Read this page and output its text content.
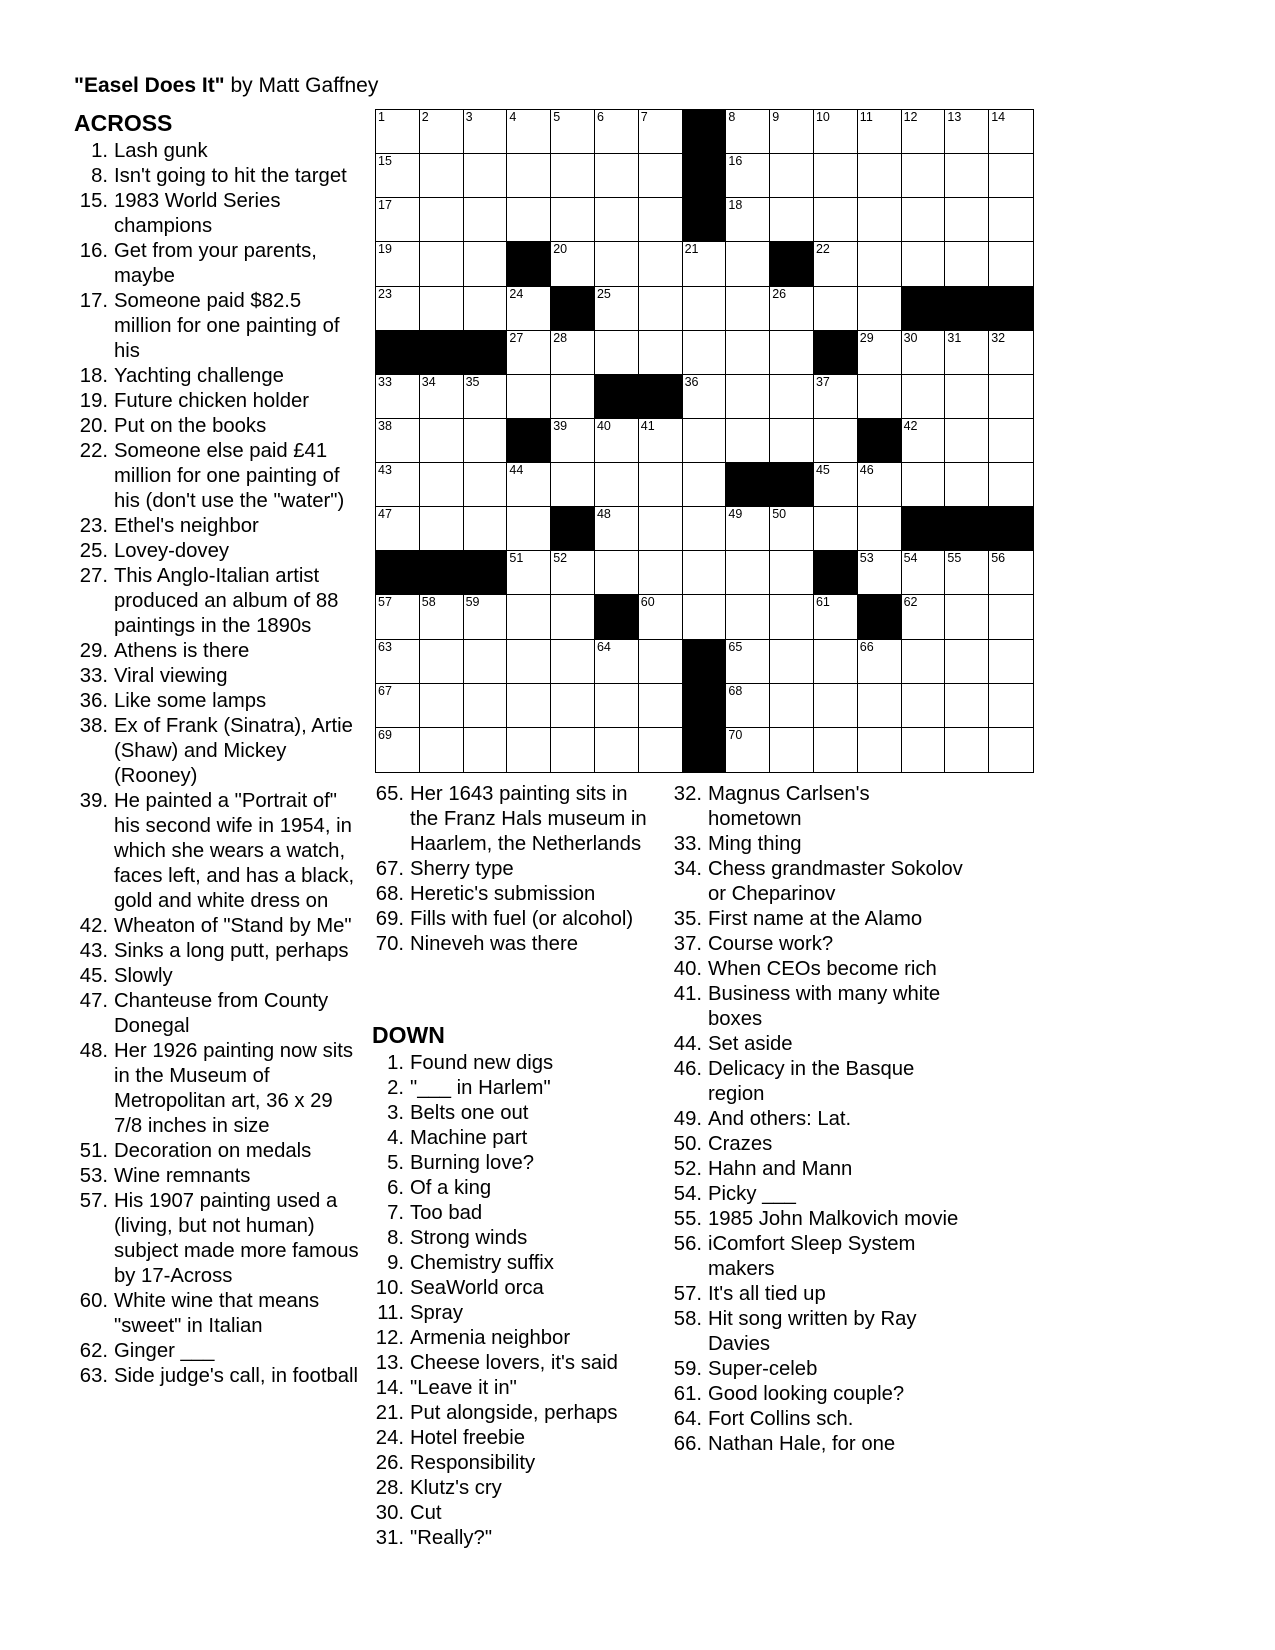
"Easel Does It" by Matt Gaffney
ACROSS
1. Lash gunk
8. Isn't going to hit the target
15. 1983 World Series champions
16. Get from your parents, maybe
17. Someone paid $82.5 million for one painting of his
18. Yachting challenge
19. Future chicken holder
20. Put on the books
22. Someone else paid £41 million for one painting of his (don't use the "water")
23. Ethel's neighbor
25. Lovey-dovey
27. This Anglo-Italian artist produced an album of 88 paintings in the 1890s
29. Athens is there
33. Viral viewing
36. Like some lamps
38. Ex of Frank (Sinatra), Artie (Shaw) and Mickey (Rooney)
39. He painted a "Portrait of" his second wife in 1954, in which she wears a watch, faces left, and has a black, gold and white dress on
42. Wheaton of "Stand by Me"
43. Sinks a long putt, perhaps
45. Slowly
47. Chanteuse from County Donegal
48. Her 1926 painting now sits in the Museum of Metropolitan art, 36 x 29 7/8 inches in size
51. Decoration on medals
53. Wine remnants
57. His 1907 painting used a (living, but not human) subject made more famous by 17-Across
60. White wine that means "sweet" in Italian
62. Ginger ___
63. Side judge's call, in football
1	2	3	4	5	6	7	8	9	10 11 12 13 14
15	16
17	18
19	20	21	22
23	24	25	26
27 28	29 30 31 32
33 34 35	36	37
38	39 40 41	42
43	44	45 46
47	48	49 50
51 52	53 54 55 56
57 58 59	60	61	62
63	64	65	66
67	68
69	70
65. Her 1643 painting sits in the Franz Hals museum in Haarlem, the Netherlands
67. Sherry type
68. Heretic's submission
69. Fills with fuel (or alcohol)
70. Nineveh was there
DOWN
1. Found new digs
2. "___ in Harlem"
3. Belts one out
4. Machine part
5. Burning love?
6. Of a king
7. Too bad
8. Strong winds
9. Chemistry suffix
10. SeaWorld orca
11. Spray
12. Armenia neighbor
13. Cheese lovers, it's said
14. "Leave it in"
21. Put alongside, perhaps
24. Hotel freebie
26. Responsibility
28. Klutz's cry
30. Cut
31. "Really?"
32. Magnus Carlsen's hometown
33. Ming thing
34. Chess grandmaster Sokolov or Cheparinov
35. First name at the Alamo
37. Course work?
40. When CEOs become rich
41. Business with many white boxes
44. Set aside
46. Delicacy in the Basque region
49. And others: Lat.
50. Crazes
52. Hahn and Mann
54. Picky ___
55. 1985 John Malkovich movie
56. iComfort Sleep System makers
57. It's all tied up
58. Hit song written by Ray Davies
59. Super-celeb
61. Good looking couple?
64. Fort Collins sch.
66. Nathan Hale, for one
